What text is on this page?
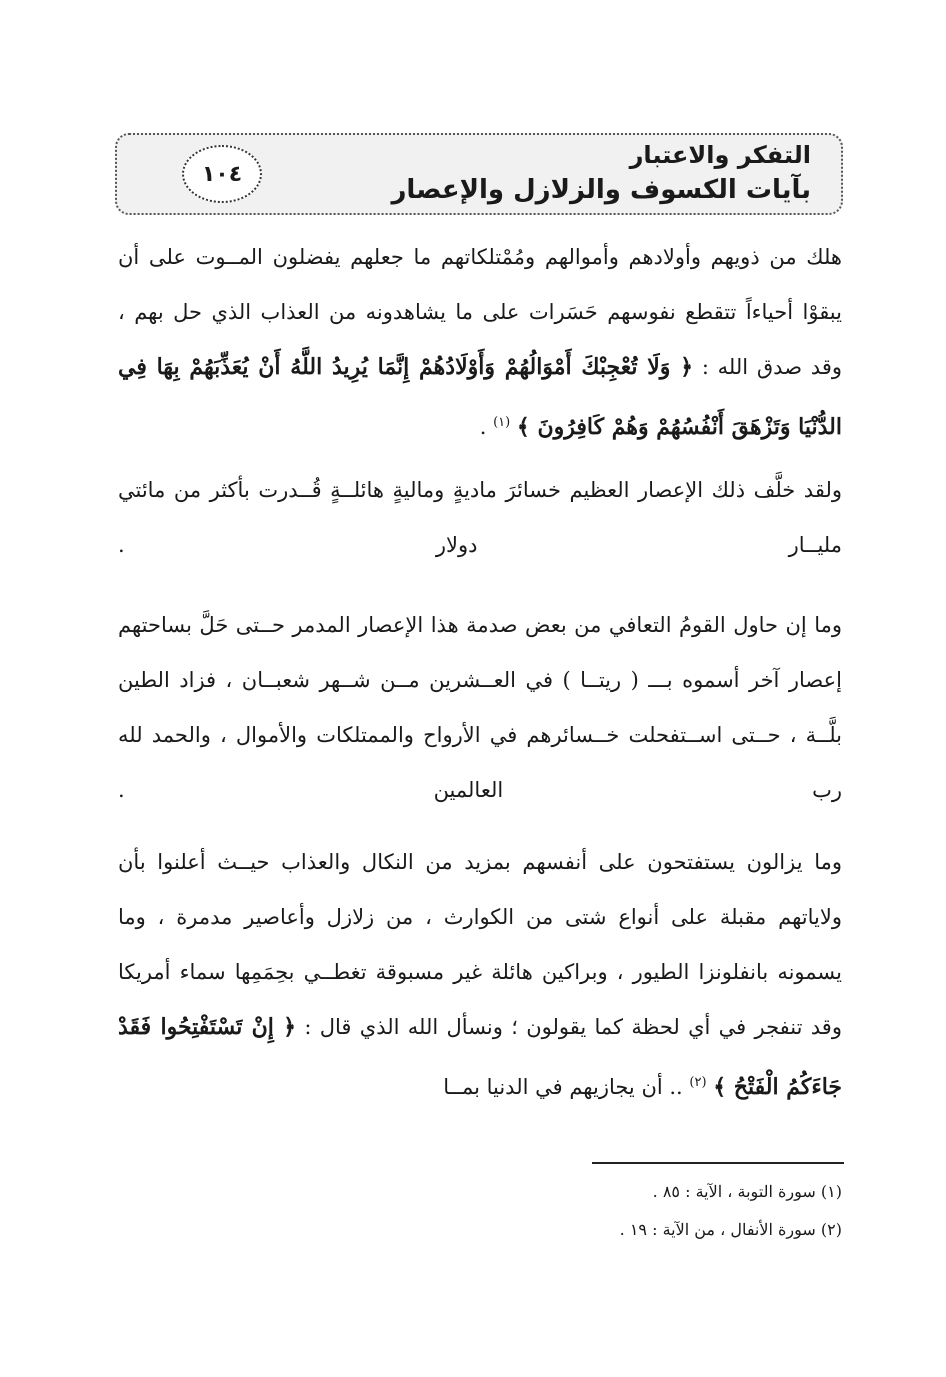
التفكر والاعتبار
بآيات الكسوف والزلازل والإعصار
١٠٤

هلك من ذويهم وأولادهم وأموالهم ومُمْتلكاتهم ما جعلهم يفضلون المــوت على أن يبقوْا أحياءاً تتقطع نفوسهم حَسَرات على ما يشاهدونه من العذاب الذي حل بهم ، وقد صدق الله : ﴿ وَلَا تُعْجِبْكَ أَمْوَالُهُمْ وَأَوْلَادُهُمْ إِنَّمَا يُرِيدُ اللَّهُ أَنْ يُعَذِّبَهُمْ بِهَا فِي الدُّنْيَا وَتَزْهَقَ أَنْفُسُهُمْ وَهُمْ كَافِرُونَ ﴾ $^{(١)}$ .

ولقد خلَّف ذلك الإعصار العظيم خسائرَ ماديةٍ وماليةٍ هائلــةٍ قُــدرت بأكثر من مائتي مليــار دولار .

وما إن حاول القومُ التعافي من بعض صدمة هذا الإعصار المدمر حــتى حَلَّ بساحتهم إعصار آخر أسموه بـــ ( ريتــا ) في العــشرين مــن شــهر شعبــان ، فزاد الطين بلَّــة ، حــتى اســتفحلت خــسائرهم في الأرواح والممتلكات والأموال ، والحمد لله رب العالمين .

وما يزالون يستفتحون على أنفسهم بمزيد من النكال والعذاب حيــث أعلنوا بأن ولاياتهم مقبلة على أنواع شتى من الكوارث ، من زلازل وأعاصير مدمرة ، وما يسمونه بانفلونزا الطيور ، وبراكين هائلة غير مسبوقة تغطــي بحِمَمِها سماء أمريكا وقد تنفجر في أي لحظة كما يقولون ؛ ونسأل الله الذي قال : ﴿ إِنْ تَسْتَفْتِحُوا فَقَدْ جَاءَكُمُ الْفَتْحُ ﴾ $^{(٢)}$ .. أن يجازيهم في الدنيا بمــا

(١) سورة التوبة ، الآية : ٨٥ .
(٢) سورة الأنفال ، من الآية : ١٩ .
